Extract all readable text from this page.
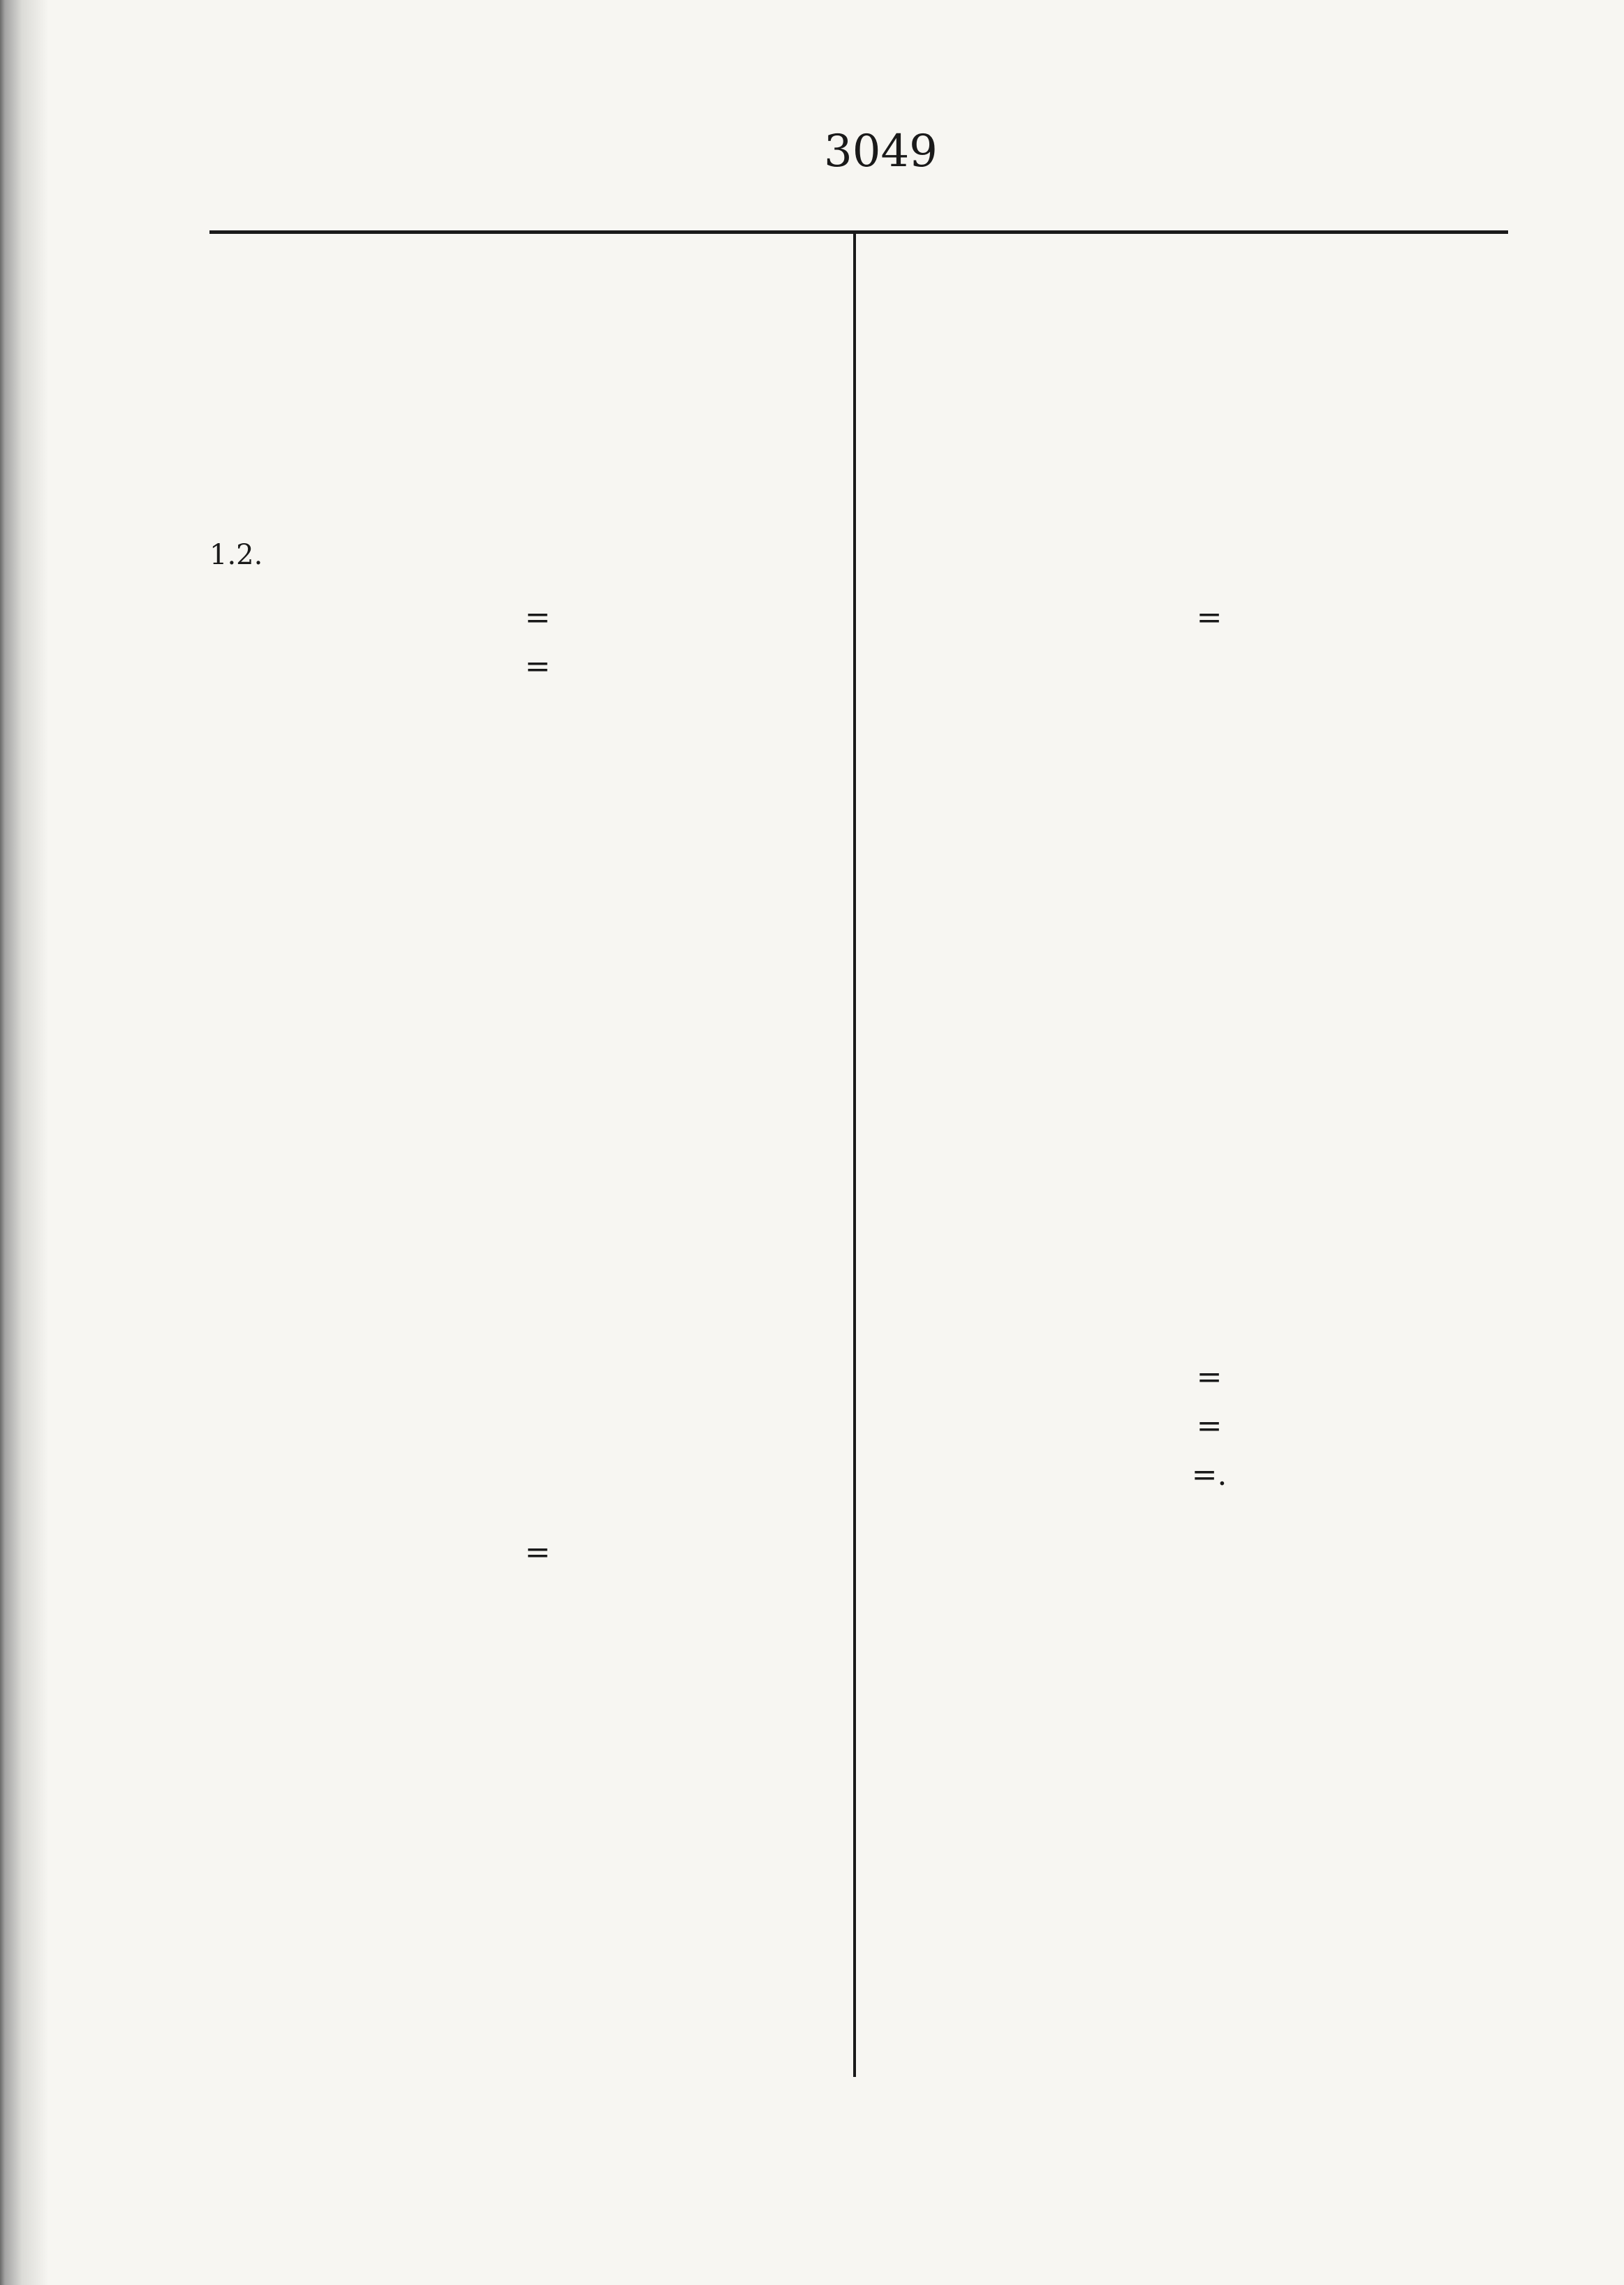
3049
1.2.
=
=
=
=
=
=
=.
